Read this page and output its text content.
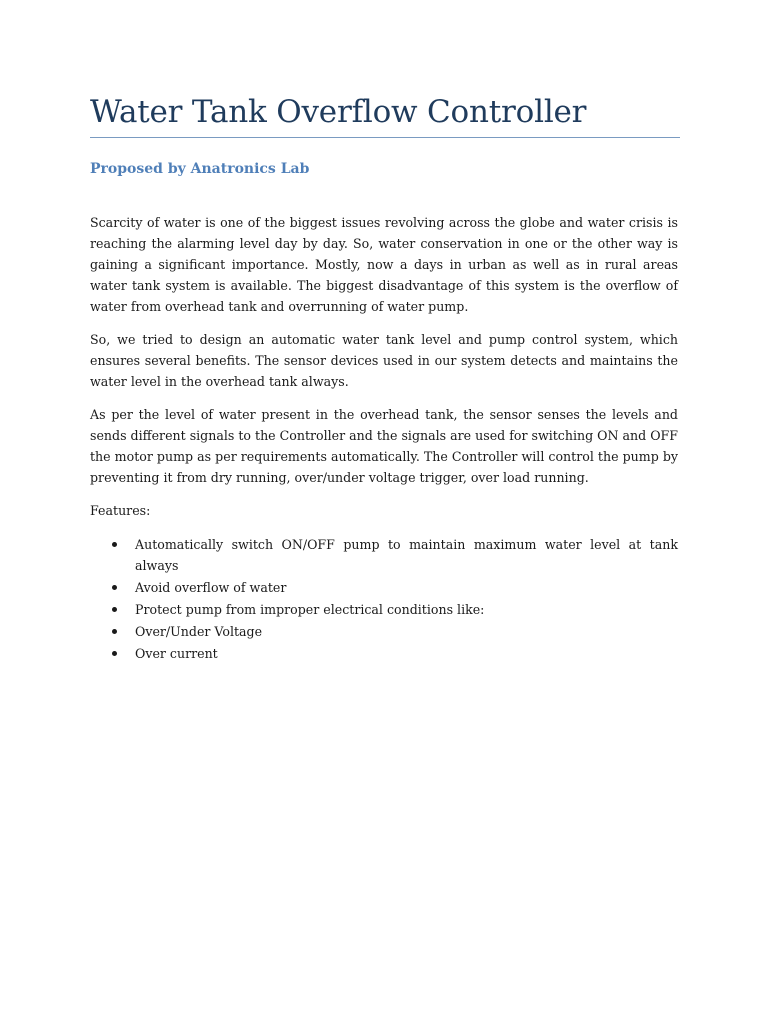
Water Tank Overflow Controller
Proposed by Anatronics Lab

Scarcity of water is one of the biggest issues revolving across the globe and water crisis is reaching the alarming level day by day. So, water conservation in one or the other way is gaining a significant importance. Mostly, now a days in urban as well as in rural areas water tank system is available. The biggest disadvantage of this system is the overflow of water from overhead tank and overrunning of water pump.

So, we tried to design an automatic water tank level and pump control system, which ensures several benefits. The sensor devices used in our system detects and maintains the water level in the overhead tank always.

As per the level of water present in the overhead tank, the sensor senses the levels and sends different signals to the Controller and the signals are used for switching ON and OFF the motor pump as per requirements automatically. The Controller will control the pump by preventing it from dry running, over/under voltage trigger, over load running.

Features:

Automatically switch ON/OFF pump to maintain maximum water level at tank always
Avoid overflow of water
Protect pump from improper electrical conditions like:
Over/Under Voltage
Over current
